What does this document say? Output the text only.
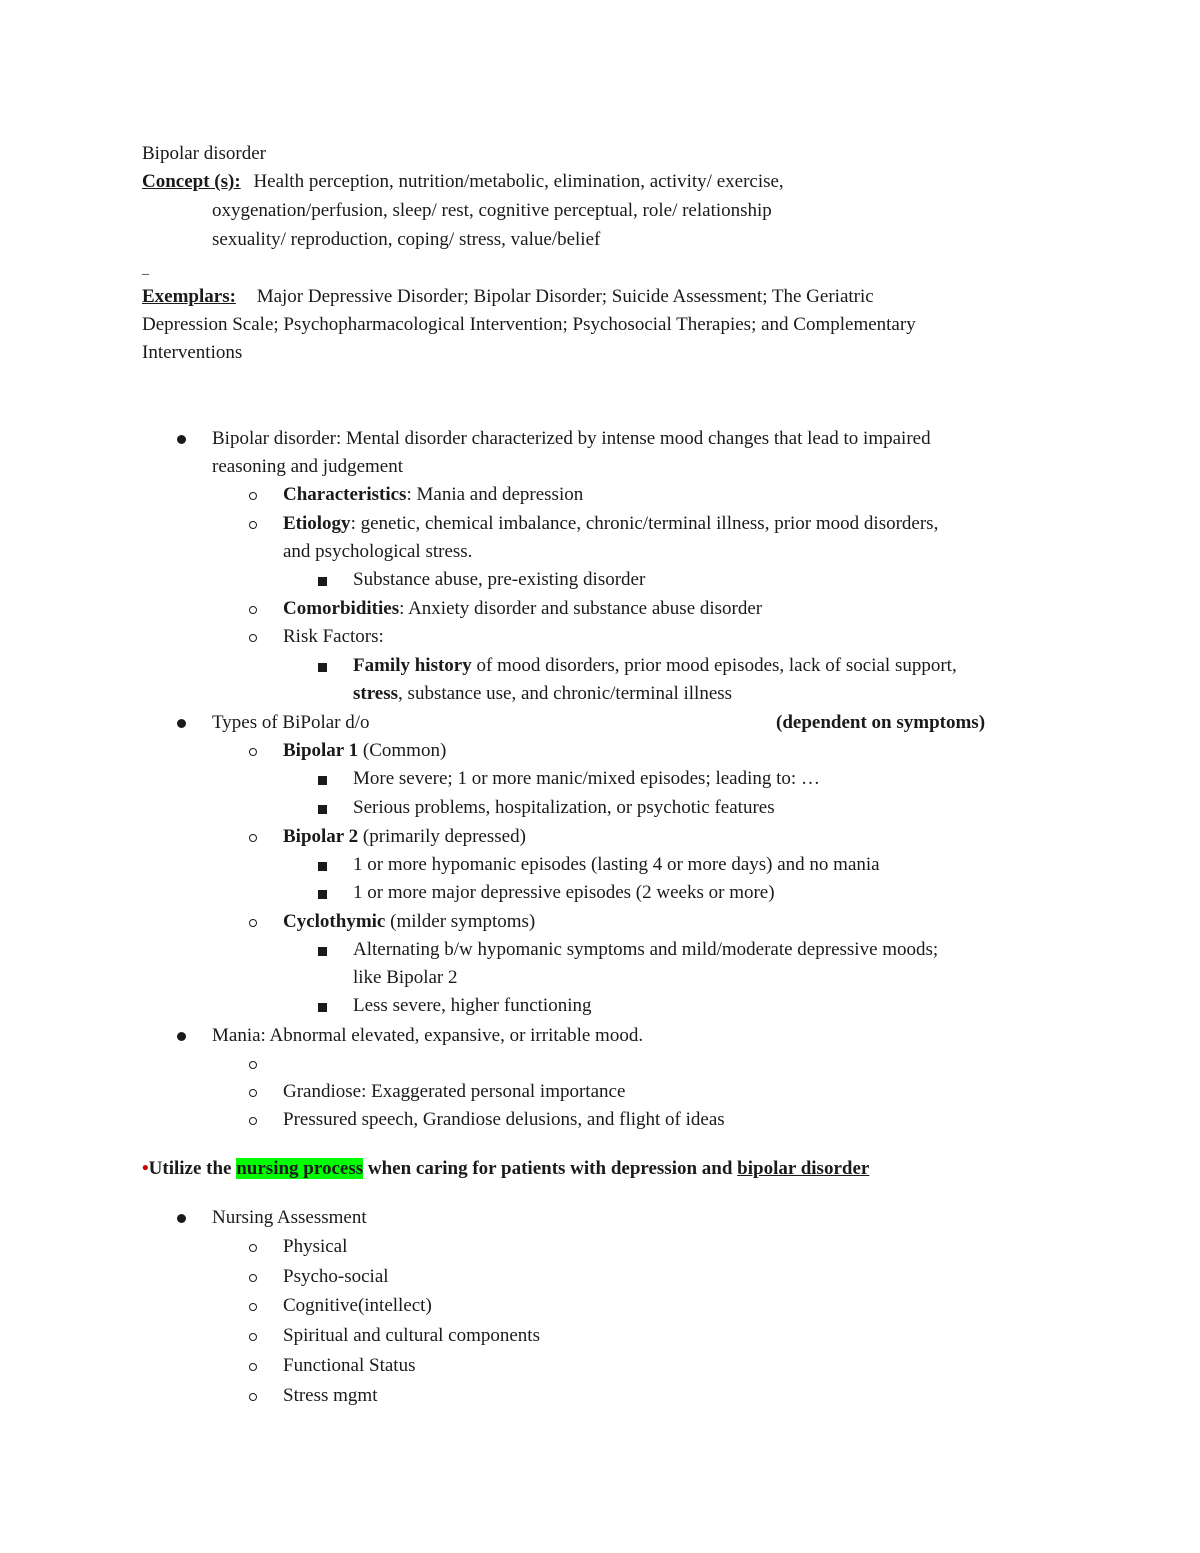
Bipolar disorder
Concept (s): Health perception, nutrition/metabolic, elimination, activity/ exercise,
oxygenation/perfusion, sleep/ rest, cognitive perceptual, role/ relationship
sexuality/ reproduction, coping/ stress, value/belief
_
Exemplars: Major Depressive Disorder; Bipolar Disorder; Suicide Assessment; The Geriatric
Depression Scale; Psychopharmacological Intervention; Psychosocial Therapies; and Complementary
Interventions
Bipolar disorder: Mental disorder characterized by intense mood changes that lead to impaired
reasoning and judgement
Characteristics: Mania and depression
Etiology: genetic, chemical imbalance, chronic/terminal illness, prior mood disorders,
and psychological stress.
Substance abuse, pre-existing disorder
Comorbidities: Anxiety disorder and substance abuse disorder
Risk Factors:
Family history of mood disorders, prior mood episodes, lack of social support,
stress, substance use, and chronic/terminal illness
Types of BiPolar d/o	(dependent on symptoms)
Bipolar 1 (Common)
More severe; 1 or more manic/mixed episodes; leading to: …
Serious problems, hospitalization, or psychotic features
Bipolar 2 (primarily depressed)
1 or more hypomanic episodes (lasting 4 or more days) and no mania
1 or more major depressive episodes (2 weeks or more)
Cyclothymic (milder symptoms)
Alternating b/w hypomanic symptoms and mild/moderate depressive moods;
like Bipolar 2
Less severe, higher functioning
Mania: Abnormal elevated, expansive, or irritable mood.
Grandiose: Exaggerated personal importance
Pressured speech, Grandiose delusions, and flight of ideas
•Utilize the nursing process when caring for patients with depression and bipolar disorder
Nursing Assessment
Physical
Psycho-social
Cognitive(intellect)
Spiritual and cultural components
Functional Status
Stress mgmt
